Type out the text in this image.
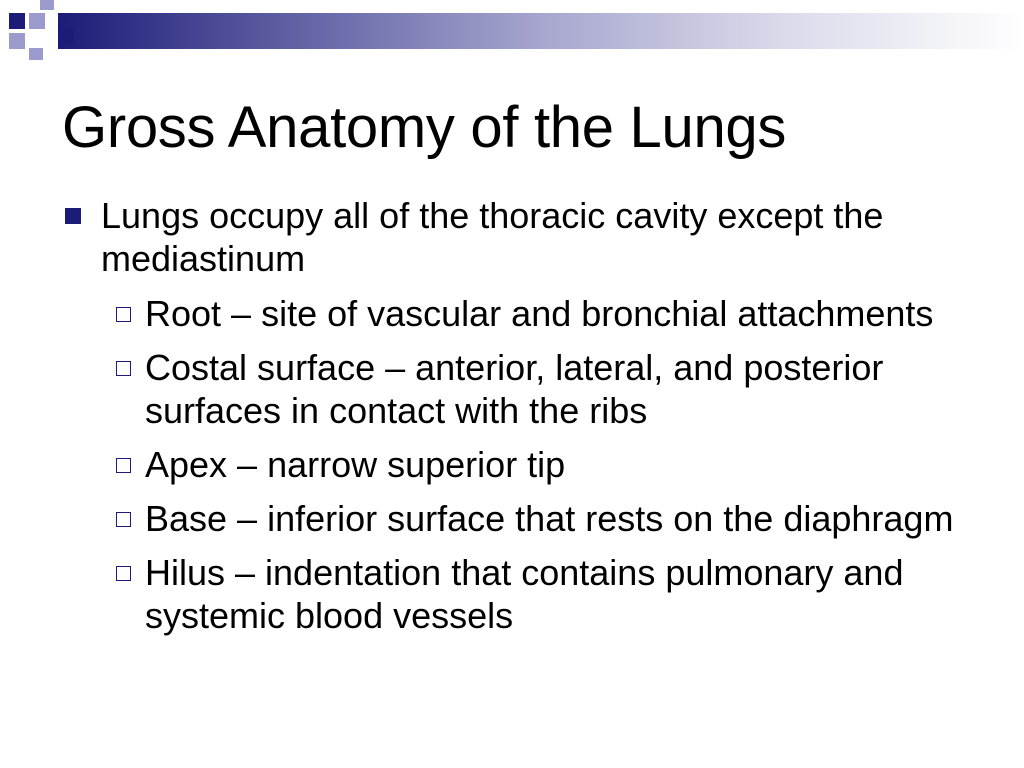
Gross Anatomy of the Lungs
Lungs occupy all of the thoracic cavity except the mediastinum
Root – site of vascular and bronchial attachments
Costal surface – anterior, lateral, and posterior surfaces in contact with the ribs
Apex – narrow superior tip
Base – inferior surface that rests on the diaphragm
Hilus – indentation that contains pulmonary and systemic blood vessels
